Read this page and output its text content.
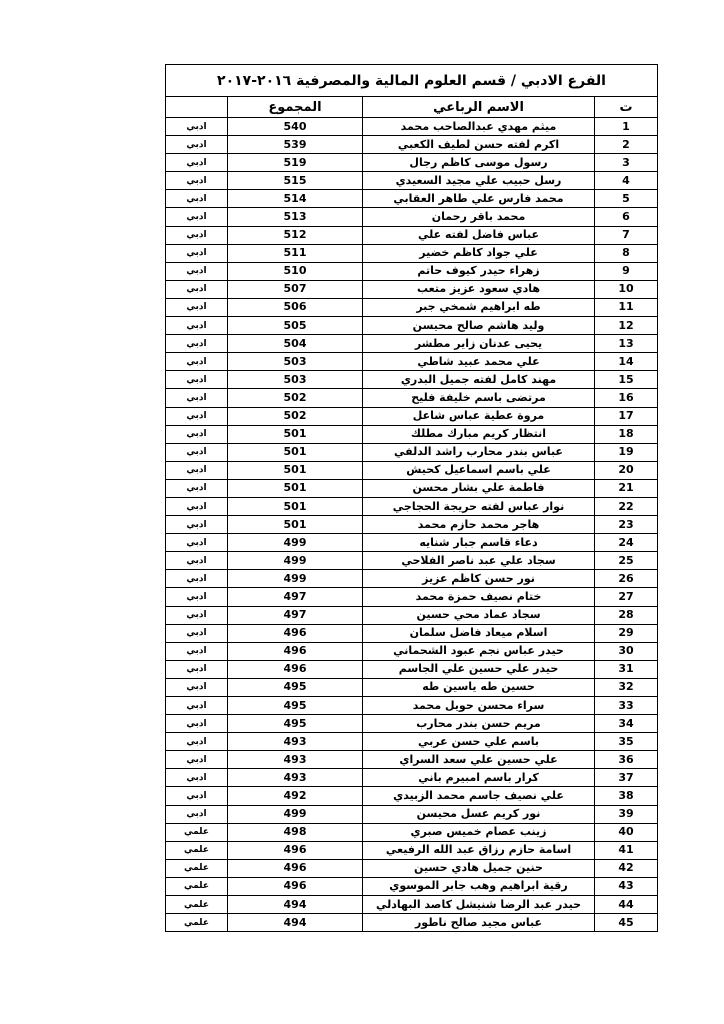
الفرع الادبي / قسم العلوم المالية والمصرفية ٢٠١٦-٢٠١٧			
	المجموع	الاسم الرباعي	ت
ادبي	540	ميثم مهدي عبدالصاحب محمد	1
ادبي	539	اكرم لفته حسن لطيف الكعبي	2
ادبي	519	رسول موسى كاظم رجال	3
ادبي	515	رسل حبيب علي مجيد السعيدي	4
ادبي	514	محمد فارس علي طاهر العقابي	5
ادبي	513	محمد باقر رحمان	6
ادبي	512	عباس فاضل لفته علي	7
ادبي	511	علي جواد كاظم خضير	8
ادبي	510	زهراء حيدر كيوف حاتم	9
ادبي	507	هادي سعود عزيز متعب	10
ادبي	506	طه ابراهيم شمخي جبر	11
ادبي	505	وليد هاشم صالح محيسن	12
ادبي	504	يحيى عدنان زاير مطشر	13
ادبي	503	علي محمد عبيد شاطي	14
ادبي	503	مهند كامل لفته جميل البدري	15
ادبي	502	مرتضى باسم خليفة فليح	16
ادبي	502	مروة عطية عباس شاعل	17
ادبي	501	انتظار كريم مبارك مطلك	18
ادبي	501	عباس بندر محارب راشد الدلفي	19
ادبي	501	علي باسم اسماعيل كحيش	20
ادبي	501	فاطمة علي بشار محسن	21
ادبي	501	نوار عباس لفته حريجة الحجاجي	22
ادبي	501	هاجر محمد حازم محمد	23
ادبي	499	دعاء قاسم جبار شنايه	24
ادبي	499	سجاد علي عبد ناصر الفلاحي	25
ادبي	499	نور حسن كاظم عزيز	26
ادبي	497	ختام نصيف حمزة محمد	27
ادبي	497	سجاد عماد محي حسين	28
ادبي	496	اسلام ميعاد فاضل سلمان	29
ادبي	496	حيدر عباس نجم عبود الشحماني	30
ادبي	496	حيدر علي حسين علي الجاسم	31
ادبي	495	حسين طه ياسين طه	32
ادبي	495	سراء محسن حويل محمد	33
ادبي	495	مريم حسن بندر محارب	34
ادبي	493	باسم علي حسن عربي	35
ادبي	493	علي حسين علي سعد السراي	36
ادبي	493	كرار باسم امبيرم باني	37
ادبي	492	علي نصيف جاسم محمد الزبيدي	38
ادبي	499	نور كريم عسل محيسن	39
علمي	498	زينب عصام خميس صبري	40
علمي	496	اسامة حازم رزاق عبد الله الرفيعي	41
علمي	496	حنين جميل هادي حسين	42
علمي	496	رقية ابراهيم وهب جابر الموسوي	43
علمي	494	حيدر عبد الرضا شنيشل كاصد البهادلي	44
علمي	494	عباس مجيد صالح ناطور	45
